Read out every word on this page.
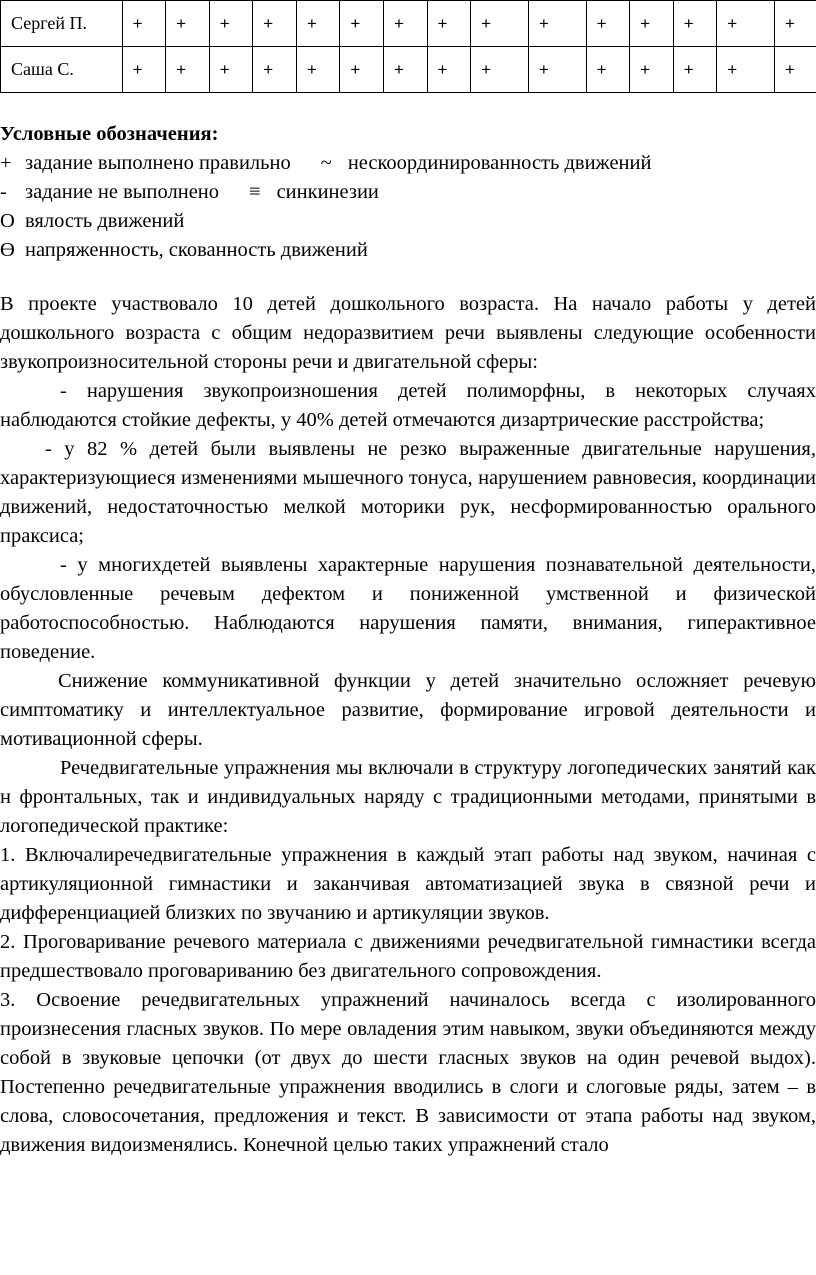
Сергей П.	+	+	+	+	+	+	+	+	+	+	+	+	+	+	+
Саша С.	+	+	+	+	+	+	+	+	+	+	+	+	+	+	+
Условные обозначения:
+ задание выполнено правильно ~ нескоординированность движений
- задание не выполнено ≡ синкинезии
О вялость движений
Ө напряженность, скованность движений

В проекте участвовало 10 детей дошкольного возраста. На начало работы у детей дошкольного возраста с общим недоразвитием речи выявлены следующие особенности звукопроизносительной стороны речи и двигательной сферы:

- нарушения звукопроизношения детей полиморфны, в некоторых случаях наблюдаются стойкие дефекты, у 40% детей отмечаются дизартрические расстройства;

- у 82 % детей были выявлены не резко выраженные двигательные нарушения, характеризующиеся изменениями мышечного тонуса, нарушением равновесия, координации движений, недостаточностью мелкой моторики рук, несформированностью орального праксиса;

- у многихдетей выявлены характерные нарушения познавательной деятельности, обусловленные речевым дефектом и пониженной умственной и физической работоспособностью. Наблюдаются нарушения памяти, внимания, гиперактивное поведение.

Снижение коммуникативной функции у детей значительно осложняет речевую симптоматику и интеллектуальное развитие, формирование игровой деятельности и мотивационной сферы.

Речедвигательные упражнения мы включали в структуру логопедических занятий как н фронтальных, так и индивидуальных наряду с традиционными методами, принятыми в логопедической практике:

1. Включалиречедвигательные упражнения в каждый этап работы над звуком, начиная с артикуляционной гимнастики и заканчивая автоматизацией звука в связной речи и дифференциацией близких по звучанию и артикуляции звуков.

2. Проговаривание речевого материала с движениями речедвигательной гимнастики всегда предшествовало проговариванию без двигательного сопровождения.

3. Освоение речедвигательных упражнений начиналось всегда с изолированного произнесения гласных звуков. По мере овладения этим навыком, звуки объединяются между собой в звуковые цепочки (от двух до шести гласных звуков на один речевой выдох). Постепенно речедвигательные упражнения вводились в слоги и слоговые ряды, затем – в слова, словосочетания, предложения и текст. В зависимости от этапа работы над звуком, движения видоизменялись. Конечной целью таких упражнений стало
